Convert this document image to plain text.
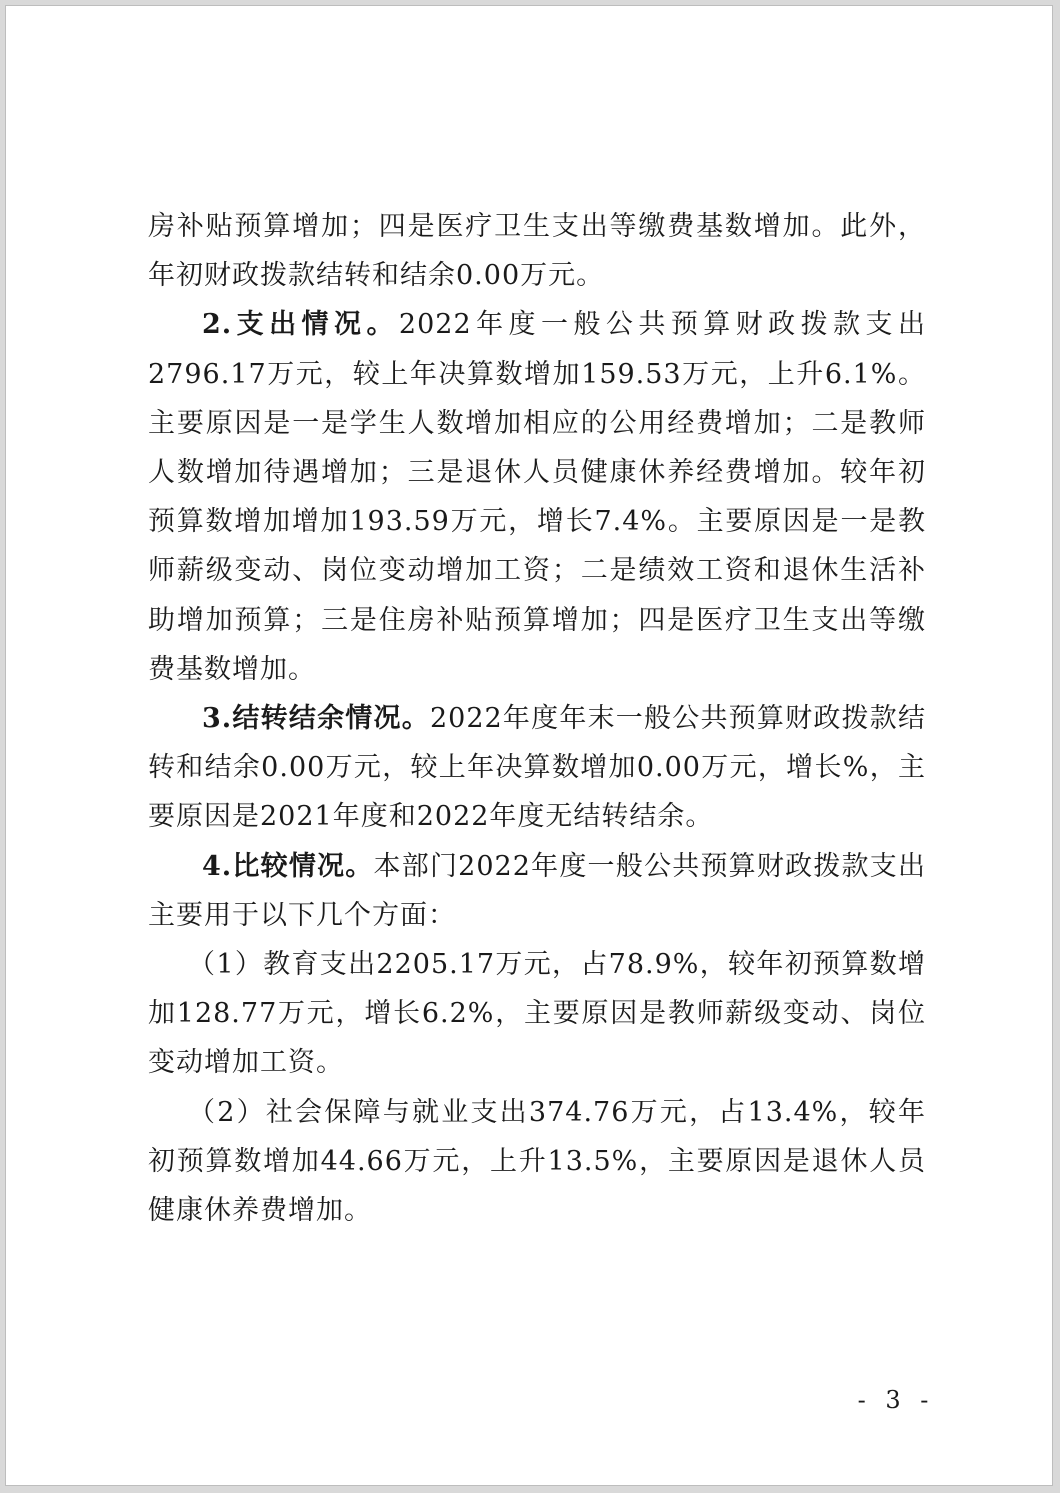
房补贴预算增加；四是医疗卫生支出等缴费基数增加。此外，年初财政拨款结转和结余0.00万元。

2.支出情况。2022年度一般公共预算财政拨款支出2796.17万元，较上年决算数增加159.53万元，上升6.1%。主要原因是一是学生人数增加相应的公用经费增加；二是教师人数增加待遇增加；三是退休人员健康休养经费增加。较年初预算数增加增加193.59万元，增长7.4%。主要原因是一是教师薪级变动、岗位变动增加工资；二是绩效工资和退休生活补助增加预算；三是住房补贴预算增加；四是医疗卫生支出等缴费基数增加。

3.结转结余情况。2022年度年末一般公共预算财政拨款结转和结余0.00万元，较上年决算数增加0.00万元，增长%，主要原因是2021年度和2022年度无结转结余。

4.比较情况。本部门2022年度一般公共预算财政拨款支出主要用于以下几个方面：

（1）教育支出2205.17万元，占78.9%，较年初预算数增加128.77万元，增长6.2%，主要原因是教师薪级变动、岗位变动增加工资。

（2）社会保障与就业支出374.76万元，占13.4%，较年初预算数增加44.66万元，上升13.5%，主要原因是退休人员健康休养费增加。

- 3 -
